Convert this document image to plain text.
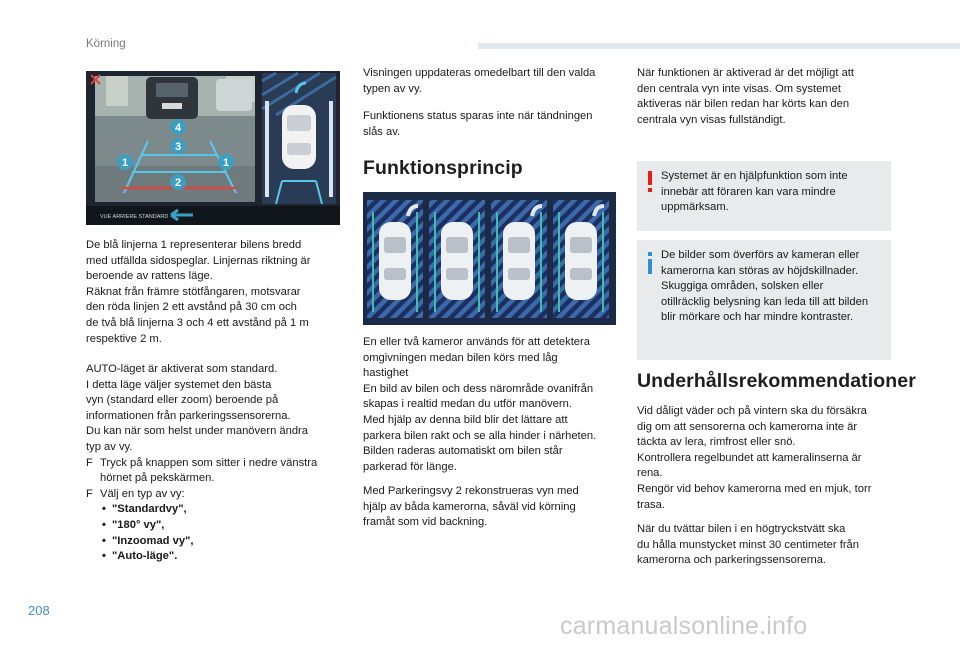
Körning
4
3
1	1
2
VUE ARRIERE STANDARD
De blå linjerna 1 representerar bilens bredd
med utfällda sidospeglar. Linjernas riktning är
beroende av rattens läge.
Räknat från främre stötfångaren, motsvarar
den röda linjen 2 ett avstånd på 30 cm och
de två blå linjerna 3 och 4 ett avstånd på 1 m
respektive 2 m.
AUTO-läget är aktiverat som standard.
I detta läge väljer systemet den bästa
vyn (standard eller zoom) beroende på
informationen från parkeringssensorerna.
Du kan när som helst under manövern ändra
typ av vy.
F Tryck på knappen som sitter i nedre vänstra
hörnet på pekskärmen.
F Välj en typ av vy:
• "Standardvy",
• "180° vy",
• "Inzoomad vy",
• "Auto-läge".
Visningen uppdateras omedelbart till den valda
typen av vy.
Funktionens status sparas inte när tändningen
slås av.
Funktionsprincip
En eller två kameror används för att detektera
omgivningen medan bilen körs med låg
hastighet
En bild av bilen och dess närområde ovanifrån
skapas i realtid medan du utför manövern.
Med hjälp av denna bild blir det lättare att
parkera bilen rakt och se alla hinder i närheten.
Bilden raderas automatiskt om bilen står
parkerad för länge.
Med Parkeringsvy 2 rekonstrueras vyn med
hjälp av båda kamerorna, såväl vid körning
framåt som vid backning.
När funktionen är aktiverad är det möjligt att
den centrala vyn inte visas. Om systemet
aktiveras när bilen redan har körts kan den
centrala vyn visas fullständigt.
Systemet är en hjälpfunktion som inte
innebär att föraren kan vara mindre
uppmärksam.
De bilder som överförs av kameran eller
kamerorna kan störas av höjdskillnader.
Skuggiga områden, solsken eller
otillräcklig belysning kan leda till att bilden
blir mörkare och har mindre kontraster.
Underhållsrekommendationer
Vid dåligt väder och på vintern ska du försäkra
dig om att sensorerna och kamerorna inte är
täckta av lera, rimfrost eller snö.
Kontrollera regelbundet att kameralinserna är
rena.
Rengör vid behov kamerorna med en mjuk, torr
trasa.
När du tvättar bilen i en högtryckstvätt ska
du hålla munstycket minst 30 centimeter från
kamerorna och parkeringssensorerna.
208
carmanualsonline.info
